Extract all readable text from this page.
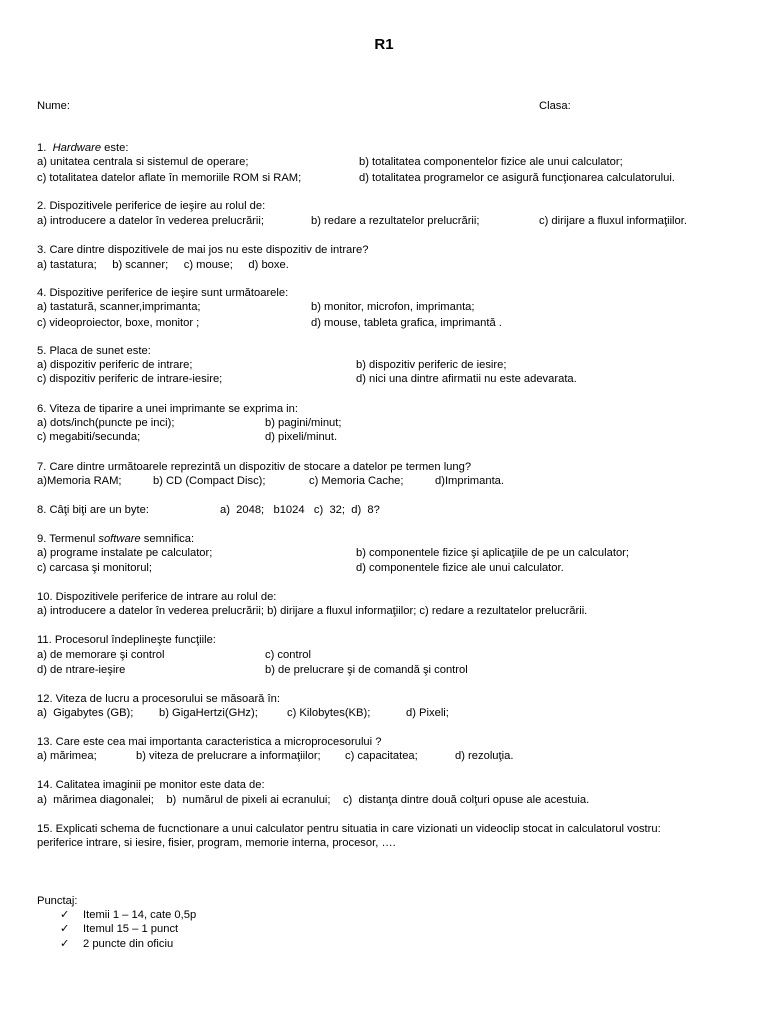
R1
Nume:	Clasa:
1. Hardware este:
a) unitatea centrala si sistemul de operare;	b) totalitatea componentelor fizice ale unui calculator;
c) totalitatea datelor aflate în memoriile ROM si RAM;	d) totalitatea programelor ce asigură funcţionarea calculatorului.
2. Dispozitivele periferice de ieşire au rolul de:
a) introducere a datelor în vederea prelucrării;	b) redare a rezultatelor prelucrării;	c) dirijare a fluxul informaţiilor.
3. Care dintre dispozitivele de mai jos nu este dispozitiv de intrare?
a) tastatura;     b) scanner;     c) mouse;     d) boxe.
4. Dispozitive periferice de ieşire sunt următoarele:
a) tastatură, scanner,imprimanta;	b) monitor, microfon, imprimanta;
c) videoproiector, boxe, monitor ;	d) mouse, tableta grafica, imprimantă .
5. Placa de sunet este:
a) dispozitiv periferic de intrare;	b) dispozitiv periferic de iesire;
c) dispozitiv periferic de intrare-iesire;	d) nici una dintre afirmatii nu este adevarata.
6. Viteza de tiparire a unei imprimante se exprima in:
a) dots/inch(puncte pe inci);	b) pagini/minut;
c) megabiti/secunda;	d) pixeli/minut.
7. Care dintre următoarele reprezintă un dispozitiv de stocare a datelor pe termen lung?
a)Memoria RAM;	b) CD (Compact Disc);	c) Memoria Cache;	d)Imprimanta.
8. Câţi biţi are un byte:	a)  2048;   b1024   c)  32;  d)  8?
9. Termenul software semnifica:
a) programe instalate pe calculator;	b) componentele fizice şi aplicaţiile de pe un calculator;
c) carcasa şi monitorul;	d) componentele fizice ale unui calculator.
10. Dispozitivele periferice de intrare au rolul de:
a) introducere a datelor în vederea prelucrării; b) dirijare a fluxul informaţiilor; c) redare a rezultatelor prelucrării.
11. Procesorul îndeplineşte funcţiile:
a) de memorare şi control	c) control
d) de ntrare-ieşire	b) de prelucrare şi de comandă şi control
12. Viteza de lucru a procesorului se măsoară în:
a)  Gigabytes (GB); b) GigaHertzi(GHz);	c) Kilobytes(KB);	d) Pixeli;
13. Care este cea mai importanta caracteristica a microprocesorului ?
a) mărimea;	b) viteza de prelucrare a informaţiilor; c) capacitatea;	d) rezoluţia.
14. Calitatea imaginii pe monitor este data de:
a)  mărimea diagonalei;    b)  numărul de pixeli ai ecranului;    c)  distanţa dintre două colţuri opuse ale acestuia.
15. Explicati schema de fucnctionare a unui calculator pentru situatia in care vizionati un videoclip stocat in calculatorul vostru:
periferice intrare, si iesire, fisier, program, memorie interna, procesor, ….
Punctaj:
✓ Itemii 1 – 14, cate 0,5p
✓ Itemul 15 – 1 punct
✓ 2 puncte din oficiu
